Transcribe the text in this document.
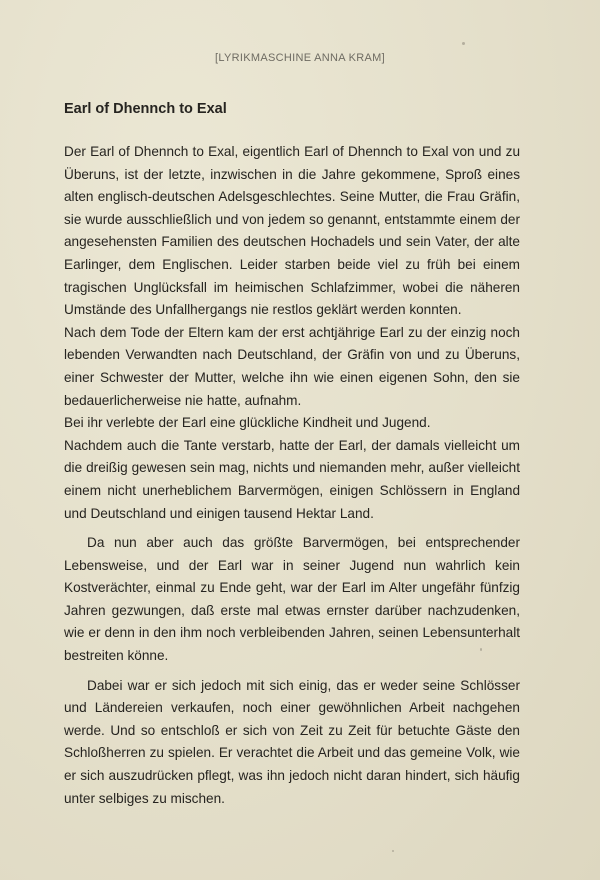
[LYRIKMASCHINE ANNA KRAM]

Earl of Dhennch to Exal

Der Earl of Dhennch to Exal, eigentlich Earl of Dhennch to Exal von und zu Überuns, ist der letzte, inzwischen in die Jahre gekommene, Sproß eines alten englisch-deutschen Adelsgeschlechtes. Seine Mutter, die Frau Gräfin, sie wurde ausschließlich und von jedem so genannt, entstammte einem der angesehensten Familien des deutschen Hochadels und sein Vater, der alte Earlinger, dem Englischen. Leider starben beide viel zu früh bei einem tragischen Unglücksfall im heimischen Schlafzimmer, wobei die näheren Umstände des Unfallhergangs nie restlos geklärt werden konnten.

Nach dem Tode der Eltern kam der erst achtjährige Earl zu der einzig noch lebenden Verwandten nach Deutschland, der Gräfin von und zu Überuns, einer Schwester der Mutter, welche ihn wie einen eigenen Sohn, den sie bedauerlicherweise nie hatte, aufnahm.

Bei ihr verlebte der Earl eine glückliche Kindheit und Jugend.

Nachdem auch die Tante verstarb, hatte der Earl, der damals vielleicht um die dreißig gewesen sein mag, nichts und niemanden mehr, außer vielleicht einem nicht unerheblichem Barvermögen, einigen Schlössern in England und Deutschland und einigen tausend Hektar Land.

Da nun aber auch das größte Barvermögen, bei entsprechender Lebensweise, und der Earl war in seiner Jugend nun wahrlich kein Kostverächter, einmal zu Ende geht, war der Earl im Alter ungefähr fünfzig Jahren gezwungen, daß erste mal etwas ernster darüber nachzudenken, wie er denn in den ihm noch verbleibenden Jahren, seinen Lebensunterhalt bestreiten könne.

Dabei war er sich jedoch mit sich einig, das er weder seine Schlösser und Ländereien verkaufen, noch einer gewöhnlichen Arbeit nachgehen werde. Und so entschloß er sich von Zeit zu Zeit für betuchte Gäste den Schloßherren zu spielen. Er verachtet die Arbeit und das gemeine Volk, wie er sich auszudrücken pflegt, was ihn jedoch nicht daran hindert, sich häufig unter selbiges zu mischen.
